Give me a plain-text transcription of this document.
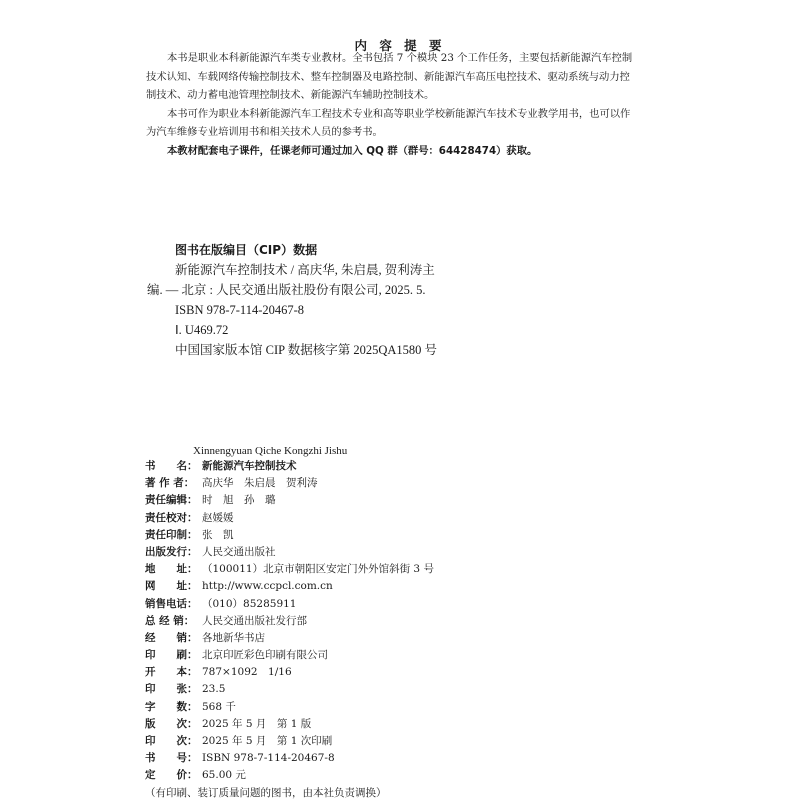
内 容 提 要
本书是职业本科新能源汽车类专业教材。全书包括 7 个模块 23 个工作任务，主要包括新能源汽车控制
技术认知、车载网络传输控制技术、整车控制器及电路控制、新能源汽车高压电控技术、驱动系统与动力控
制技术、动力蓄电池管理控制技术、新能源汽车辅助控制技术。
本书可作为职业本科新能源汽车工程技术专业和高等职业学校新能源汽车技术专业教学用书，也可以作
为汽车维修专业培训用书和相关技术人员的参考书。
本教材配套电子课件，任课老师可通过加入 QQ 群（群号：64428474）获取。
图书在版编目（CIP）数据
新能源汽车控制技术 / 高庆华, 朱启晨, 贺利涛主
编. — 北京 : 人民交通出版社股份有限公司, 2025. 5.
ISBN 978-7-114-20467-8
Ⅰ. U469.72
中国国家版本馆 CIP 数据核字第 2025QA1580 号
Xinnengyuan Qiche Kongzhi Jishu
书　　名： 新能源汽车控制技术
著 作 者： 高庆华　朱启晨　贺利涛
责任编辑： 时　旭　孙　璐
责任校对： 赵媛媛
责任印制： 张　凯
出版发行： 人民交通出版社
地　　址： （100011）北京市朝阳区安定门外外馆斜街 3 号
网　　址： http://www.ccpcl.com.cn
销售电话： （010）85285911
总 经 销： 人民交通出版社发行部
经　　销： 各地新华书店
印　　刷： 北京印匠彩色印刷有限公司
开　　本： 787×1092　1/16
印　　张： 23.5
字　　数： 568 千
版　　次： 2025 年 5 月　第 1 版
印　　次： 2025 年 5 月　第 1 次印刷
书　　号： ISBN 978-7-114-20467-8
定　　价： 65.00 元
（有印刷、装订质量问题的图书，由本社负责调换）
